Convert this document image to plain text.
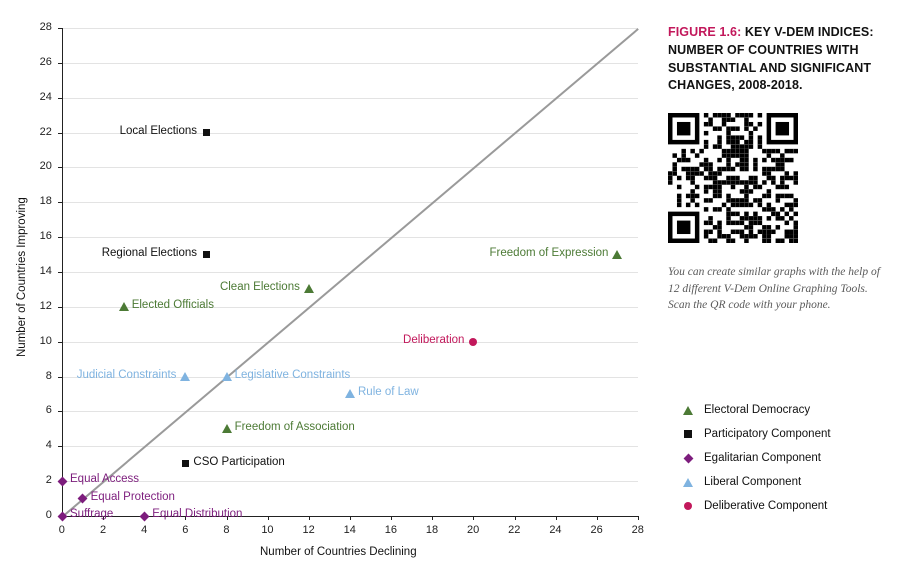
Number of Countries Declining
Number of Countries Improving
0
2
4
6
8
10
12
14
16
18
20
22
24
26
28
0	2	4	6	8	10	12	14	16	18	20	22	24	26	28
Elected Officials
Clean Elections
Freedom of Expression
Freedom of Association
Local Elections
Regional Elections
CSO Participation
Equal Access
Equal Protection
Suffrage	Equal Distribution
Judicial Constraints	Legislative Constraints
Rule of Law
Deliberation
FIGURE 1.6: KEY V-DEM INDICES: NUMBER OF COUNTRIES WITH SUBSTANTIAL AND SIGNIFICANT CHANGES, 2008-2018.
You can create similar graphs with the help of 12 different V-Dem Online Graphing Tools. Scan the QR code with your phone.
Electoral Democracy
Participatory Component
Egalitarian Component
Liberal Component
Deliberative Component
